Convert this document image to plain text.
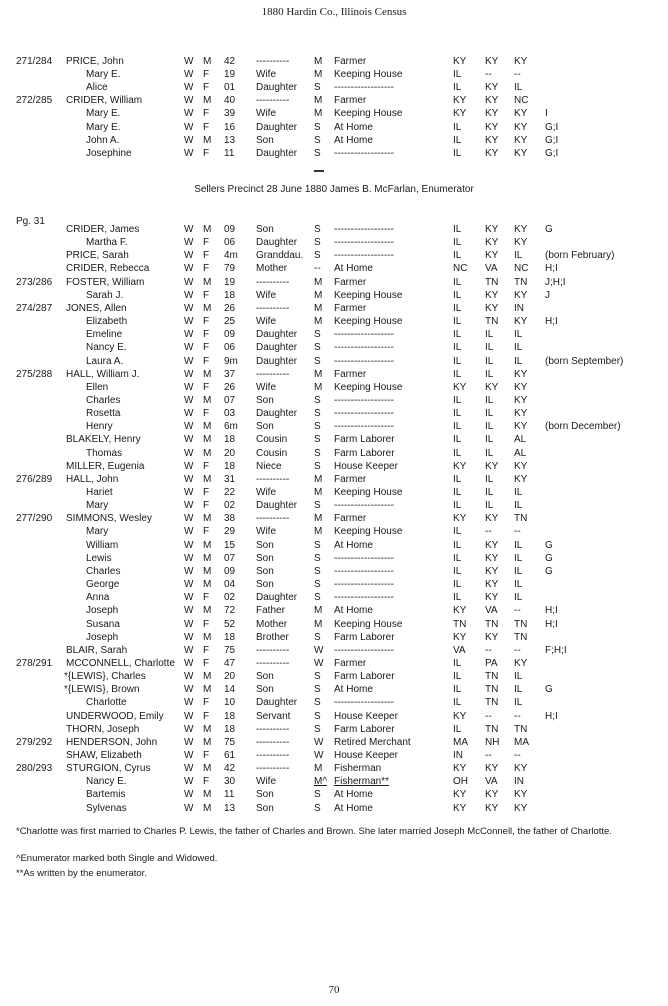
1880 Hardin Co., Illinois Census
271/284 PRICE, John	W M 42 ---------- M Farmer	KY KY KY
Mary E.	W F 19 Wife	M Keeping House	IL -- --
Alice	W F 01 Daughter S ------------------	IL KY IL
272/285 CRIDER, William	W M 40 ---------- M Farmer	KY KY NC
Mary E.	W F 39 Wife	M Keeping House	KY KY KY I
Mary E.	W F 16 Daughter S At Home	IL KY KY G;I
John A.	W M 13 Son	S At Home	IL KY KY G;I
Josephine	W F 11 Daughter S ------------------	IL KY KY G;I
Sellers Precinct 28 June 1880 James B. McFarlan, Enumerator
Pg. 31
CRIDER, James	W M 09 Son	S ------------------	IL KY KY G
Martha F.	W F 06 Daughter S ------------------	IL KY KY
PRICE, Sarah	W F 4m Granddau. S ------------------	IL KY IL (born February)
CRIDER, Rebecca	W F 79 Mother	-- At Home	NC VA NC H;I
273/286 FOSTER, William	W M 19 ---------- M Farmer	IL TN TN J;H;I
Sarah J.	W F 18 Wife	M Keeping House	IL KY KY J
274/287 JONES, Allen	W M 26 ---------- M Farmer	IL KY IN
Elizabeth	W F 25 Wife	M Keeping House	IL TN KY H;I
Emeline	W F 09 Daughter S ------------------	IL IL IL
Nancy E.	W F 06 Daughter S ------------------	IL IL IL
Laura A.	W F 9m Daughter S ------------------	IL IL IL (born September)
275/288 HALL, William J.	W M 37 ---------- M Farmer	IL IL KY
Ellen	W F 26 Wife	M Keeping House	KY KY KY
Charles	W M 07 Son	S ------------------	IL IL KY
Rosetta	W F 03 Daughter S ------------------	IL IL KY
Henry	W M 6m Son	S ------------------	IL IL KY (born December)
BLAKELY, Henry	W M 18 Cousin	S Farm Laborer	IL IL AL
Thomas	W M 20 Cousin	S Farm Laborer	IL IL AL
MILLER, Eugenia	W F 18 Niece	S House Keeper	KY KY KY
276/289 HALL, John	W M 31 ---------- M Farmer	IL IL KY
Hariet	W F 22 Wife	M Keeping House	IL IL IL
Mary	W F 02 Daughter S ------------------	IL IL IL
277/290 SIMMONS, Wesley	W M 38 ---------- M Farmer	KY KY TN
Mary	W F 29 Wife	M Keeping House	IL -- --
William	W M 15 Son	S At Home	IL KY IL G
Lewis	W M 07 Son	S ------------------	IL KY IL G
Charles	W M 09 Son	S ------------------	IL KY IL G
George	W M 04 Son	S ------------------	IL KY IL
Anna	W F 02 Daughter S ------------------	IL KY IL
Joseph	W M 72 Father	M At Home	KY VA -- H;I
Susana	W F 52 Mother	M Keeping House	TN TN TN H;I
Joseph	W M 18 Brother	S Farm Laborer	KY KY TN
BLAIR, Sarah	W F 75 ---------- W ------------------	VA -- -- F;H;I
278/291 MCCONNELL, Charlotte W F 47 ---------- W Farmer	IL PA KY
*{LEWIS}, Charles	W M 20 Son	S Farm Laborer	IL TN IL
*{LEWIS}, Brown	W M 14 Son	S At Home	IL TN IL G
Charlotte	W F 10 Daughter S ------------------	IL TN IL
UNDERWOOD, Emily W F 18 Servant S House Keeper	KY -- -- H;I
THORN, Joseph	W M 18 ---------- S Farm Laborer	IL TN TN
279/292 HENDERSON, John	W M 75 ---------- W Retired Merchant	MA NH MA
SHAW, Elizabeth	W F 61 ---------- W House Keeper	IN -- --
280/293 STURGION, Cyrus	W M 42 ---------- M Fisherman	KY KY KY
Nancy E.	W F 30 Wife	M^ Fisherman**	OH VA IN
Bartemis	W M 11 Son	S At Home	KY KY KY
Sylvenas	W M 13 Son	S At Home	KY KY KY
*Charlotte was first married to Charles P. Lewis, the father of Charles and Brown. She later married Joseph McConnell, the father of Charlotte.
^Enumerator marked both Single and Widowed.
**As written by the enumerator.
70
